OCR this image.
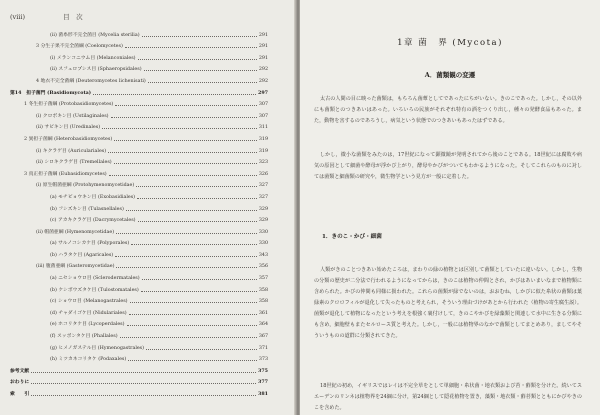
(viii)	目　次
(ii) 菌糸形不完全菌目 (Mycelia sterilia)	291
3 分生子果不完全菌綱 (Coelomycetes)	291
(i) メランコニウム目 (Melanconiales)	291
(ii) スフェロプシス目 (Sphaeropsidales)	292
4 地衣不完全菌綱 (Deuteromycetes lichenisati)	292
第14　担子菌門 (Basidiomycota)	297
1 冬生担子菌綱 (Protobasidiomycetes)	307
(i) クロボキン目 (Ustilaginales)	307
(ii) サビキン目 (Uredinales)	311
2 異担子菌綱 (Heterobasidiomycetes)	319
(i) キクラゲ目 (Auriculariales)	319
(ii) シロキクラゲ目 (Tremellales)	323
3 真正担子菌綱 (Eubasidiomycetes)	326
(i) 原生帽菌亜綱 (Protohymenomycetidae)	327
(a) モチビョウキン目 (Exobasidiales)	327
(b) フシズキン目 (Tulasnellales)	329
(c) アカキクラゲ目 (Dacrymycetales)	329
(ii) 帽菌亜綱 (Hymenomycetidae)	330
(a) サルノコシカケ目 (Polyporales)	330
(b) ハラタケ目 (Agaricales)	343
(iii) 腹菌亜綱 (Gasteromycetidae)	356
(a) ニセショウロ目 (Sclerodermatales)	357
(b) ケシボウズタケ目 (Tulostomatales)	358
(c) ショウロ目 (Melanogastrales)	358
(d) チャダイゴケ目 (Nidulariales)	361
(e) ホコリタケ目 (Lycoperdales)	364
(f) スッポンタケ目 (Phallales)	367
(g) ヒメノガステル目 (Hymenogastrales)	371
(h) ミツカネコリタケ (Podaxales)	373
参考文献	375
おわりに	377
索　　引	381
1章 菌　界 (Mycota)
A．菌類観の変遷

太古の人間の目に映った菌類は，もちろん菌蕈としてであったにちがいない。きのこであった。しかし，その以外にも菌類とのつきあいはあった。いろいろの民族がそれぞれ特有の酒をつくり出し，種々の発酵食品もあった。また，動物を害するのであろうし，病気という状態でのつきあいもあったはずである。

しかし，微小な菌類をみたのは，17世紀になって顕微鏡が発明されてから後のことである。18世紀には腐敗や病気の原因として細菌や酵母が浮かび上がり，酵母やかびがついてもわかるようになった。そしてこれらのものに対しては菌類と細菌類の研究や，微生物学という見方が一般に定着した。

1．きのこ・かび・細菌

人類がきのことつきあい始めたころは，まわりの緑の植物とは区別して菌類としていたに違いない。しかし，生物の分類の歴史が二分法で行われるようになってからは，きのこは植物の仲間とされ，かびはあいまいなまで植物類に含められた。かびの仲間も同様に扱われた。これらの菌類が緑でないのは，おおむね，しかびに似た糸状の菌類は葉緑素のクロロフィルが退化して失ったものと考えられ，そういう理由づけがあとから行われた（植物の寄生腐生説）。菌類が退化して植物になったという考えを根強く裏付けして，きのこやかびを緑藻類と関連して水中に生きる分類にも含め，細胞壁もまたセルロース質と考えた。しかし，一般には植物界のなかで菌類としてまとめあり，ましてやそういうものの道群に分類されてきた。

18世紀の初め，イギリスではレイは不完全草をとして単細胞・糸状菌・地衣類および苔・蘚類を分けた。続いてスエーデンのリンネは植物界を24綱に分け，第24綱として隠花植物を置き，藻類・地衣類・蘚苔類とともにかびやきのこを含めた。
